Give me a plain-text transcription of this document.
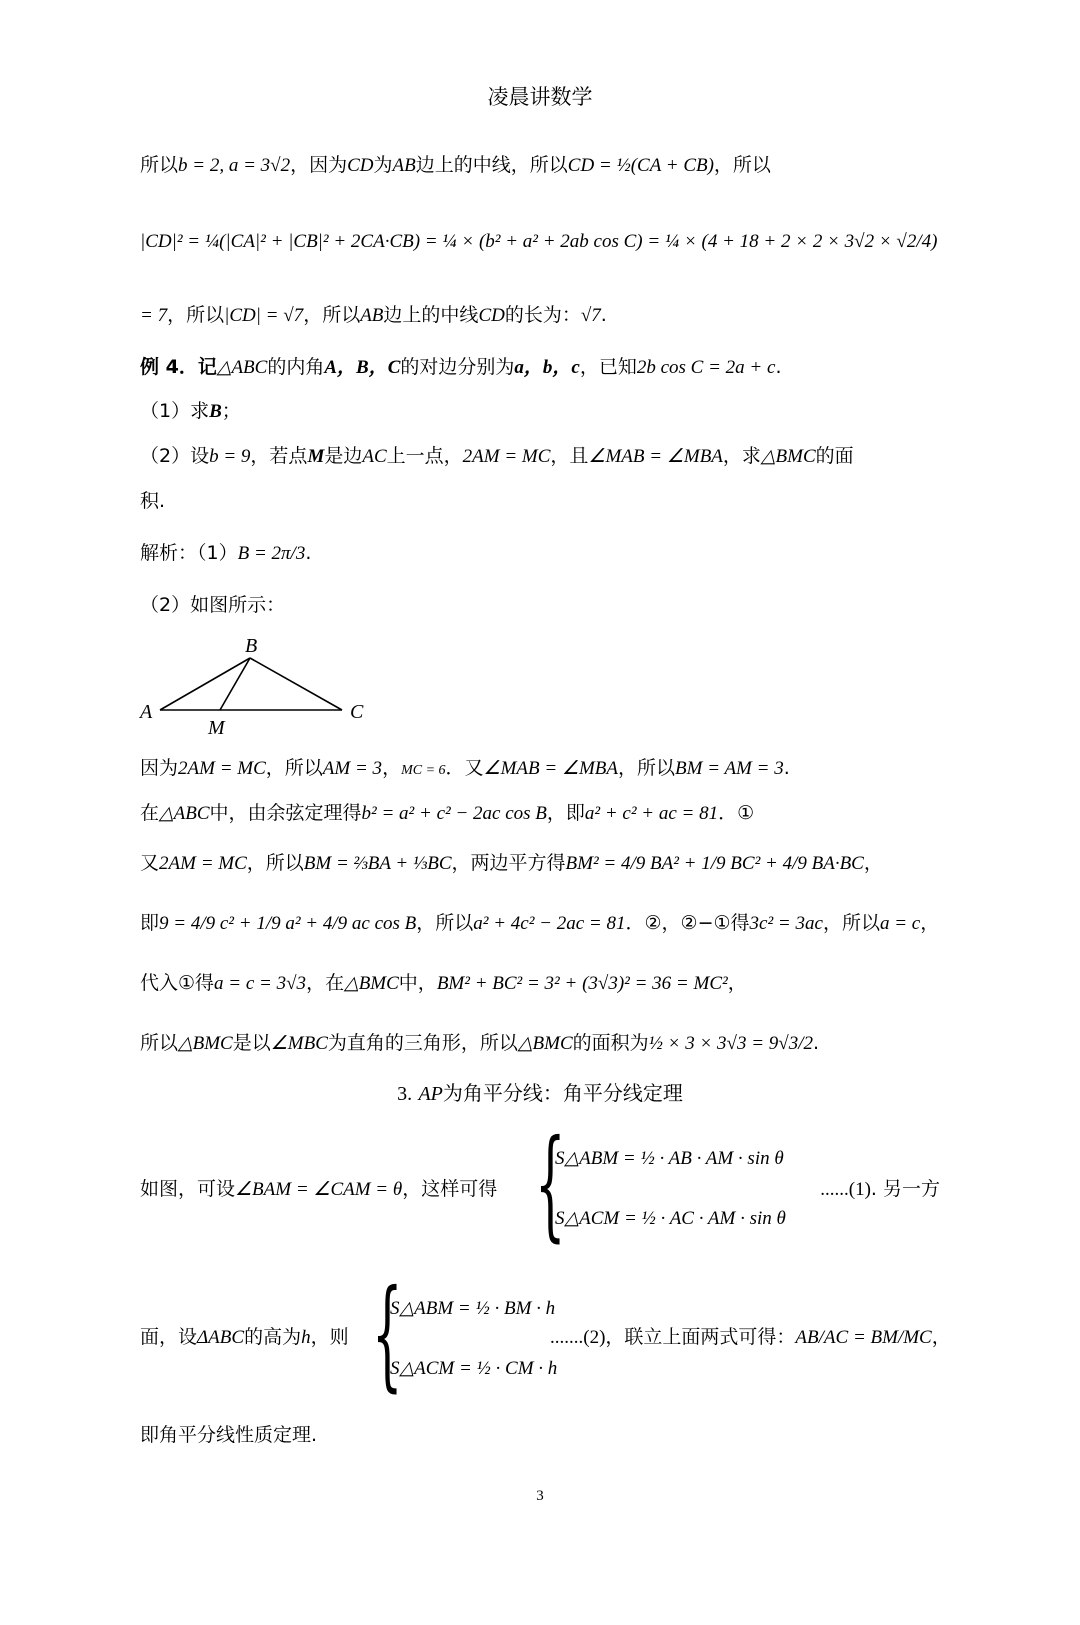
凌晨讲数学
所以b = 2, a = 3√2，因为CD为AB边上的中线，所以CD = ½(CA + CB)，所以
|CD|² = ¼(|CA|² + |CB|² + 2CA·CB) = ¼ × (b² + a² + 2ab cos C) = ¼ × (4 + 18 + 2 × 2 × 3√2 × √2/4)
= 7，所以|CD| = √7，所以AB边上的中线CD的长为：√7.
例 4．记△ABC的内角A，B，C的对边分别为a，b，c，已知2b cos C = 2a + c.
（1）求B；
（2）设b = 9，若点M是边AC上一点，2AM = MC，且∠MAB = ∠MBA，求△BMC的面
积.
解析：（1）B = 2π/3.
（2）如图所示：
B
A	C
M
因为2AM = MC，所以AM = 3，MC = 6．又∠MAB = ∠MBA，所以BM = AM = 3.
在△ABC中，由余弦定理得b² = a² + c² − 2ac cos B，即a² + c² + ac = 81．①
又2AM = MC，所以BM = ⅔BA + ⅓BC，两边平方得BM² = 4/9 BA² + 1/9 BC² + 4/9 BA·BC，
即9 = 4/9 c² + 1/9 a² + 4/9 ac cos B，所以a² + 4c² − 2ac = 81．②，②−①得3c² = 3ac，所以a = c，
代入①得a = c = 3√3，在△BMC中，BM² + BC² = 3² + (3√3)² = 36 = MC²，
所以△BMC是以∠MBC为直角的三角形，所以△BMC的面积为½ × 3 × 3√3 = 9√3/2.
3. AP为角平分线：角平分线定理
如图，可设∠BAM = ∠CAM = θ，这样可得 {
S△ABM = ½ · AB · AM · sin θ
S△ACM = ½ · AC · AM · sin θ
......(1). 另一方
面，设ΔABC的高为h，则 {
S△ABM = ½ · BM · h
S△ACM = ½ · CM · h
.......(2)，联立上面两式可得：AB/AC = BM/MC，
即角平分线性质定理.
3
